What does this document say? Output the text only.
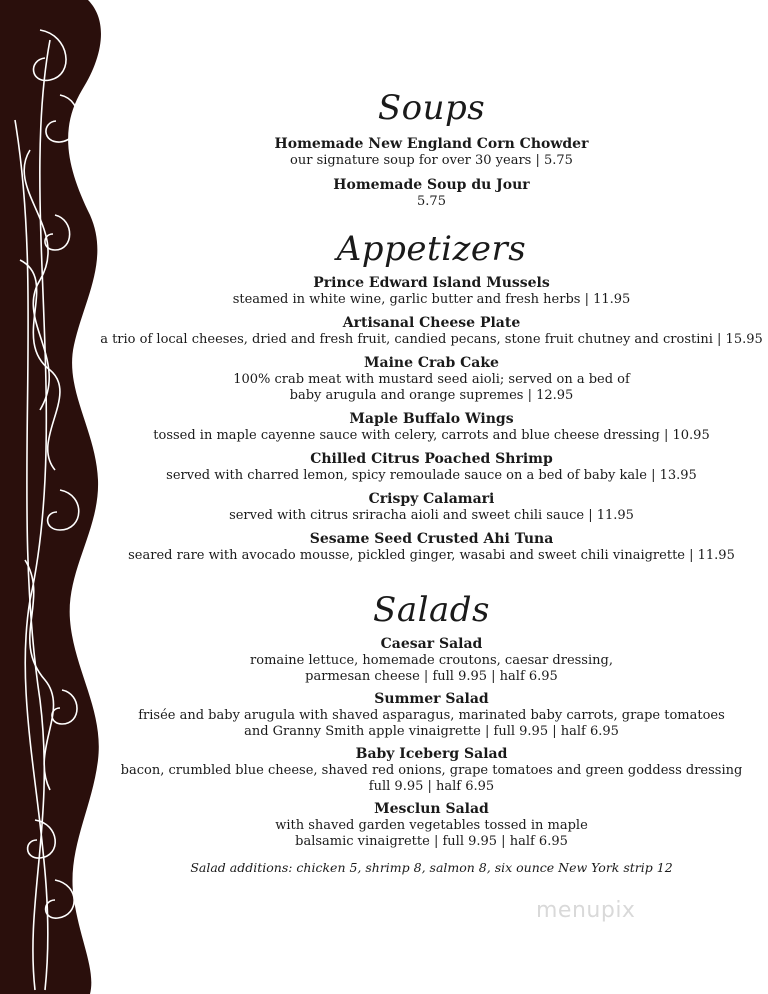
Soups
Homemade New England Corn Chowder
our signature soup for over 30 years | 5.75
Homemade Soup du Jour
5.75
Appetizers
Prince Edward Island Mussels
steamed in white wine, garlic butter and fresh herbs | 11.95
Artisanal Cheese Plate
a trio of local cheeses, dried and fresh fruit, candied pecans, stone fruit chutney and crostini | 15.95
Maine Crab Cake
100% crab meat with mustard seed aioli; served on a bed of
baby arugula and orange supremes | 12.95
Maple Buffalo Wings
tossed in maple cayenne sauce with celery, carrots and blue cheese dressing | 10.95
Chilled Citrus Poached Shrimp
served with charred lemon, spicy remoulade sauce on a bed of baby kale | 13.95
Crispy Calamari
served with citrus sriracha aioli and sweet chili sauce | 11.95
Sesame Seed Crusted Ahi Tuna
seared rare with avocado mousse, pickled ginger, wasabi and sweet chili vinaigrette | 11.95
Salads
Caesar Salad
romaine lettuce, homemade croutons, caesar dressing,
parmesan cheese | full 9.95 | half 6.95
Summer Salad
frisée and baby arugula with shaved asparagus, marinated baby carrots, grape tomatoes
and Granny Smith apple vinaigrette | full 9.95 | half 6.95
Baby Iceberg Salad
bacon, crumbled blue cheese, shaved red onions, grape tomatoes and green goddess dressing
full 9.95 | half 6.95
Mesclun Salad
with shaved garden vegetables tossed in maple
balsamic vinaigrette | full 9.95 | half 6.95
Salad additions: chicken 5, shrimp 8, salmon 8, six ounce New York strip 12
menupix
